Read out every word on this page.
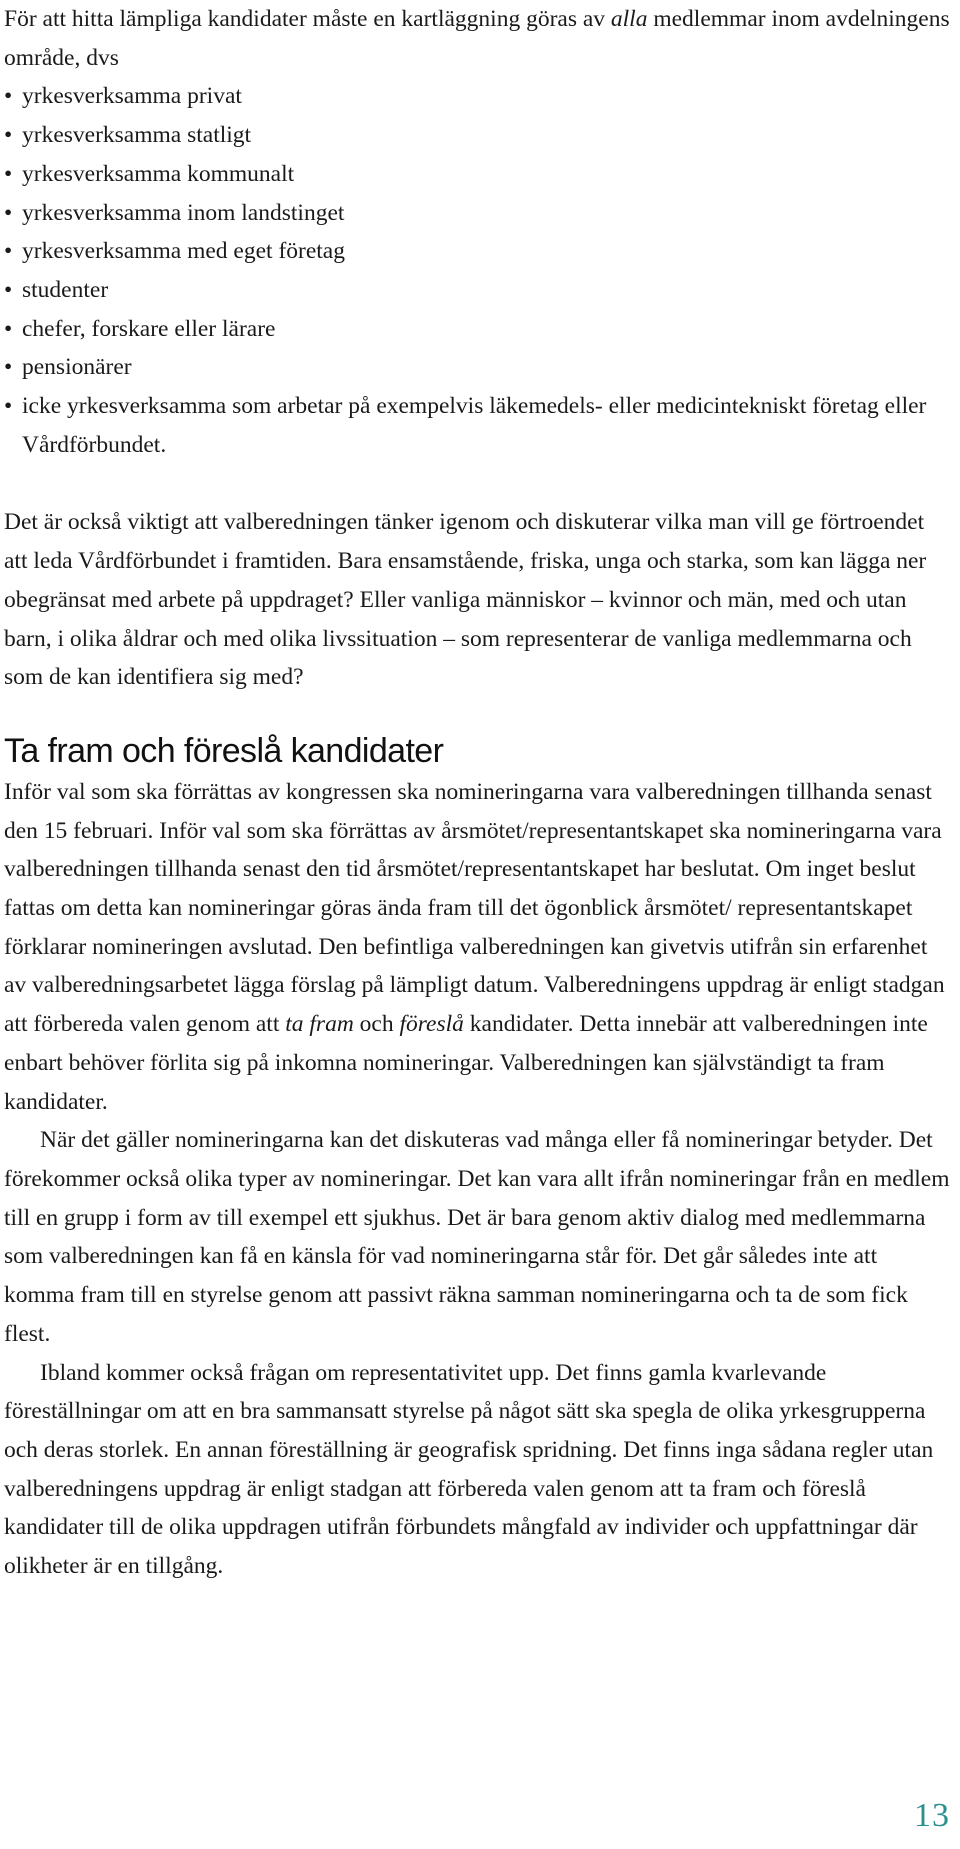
För att hitta lämpliga kandidater måste en kartläggning göras av alla medlemmar inom avdelningens område, dvs

• yrkesverksamma privat
• yrkesverksamma statligt
• yrkesverksamma kommunalt
• yrkesverksamma inom landstinget
• yrkesverksamma med eget företag
• studenter
• chefer, forskare eller lärare
• pensionärer
• icke yrkesverksamma som arbetar på exempelvis läkemedels- eller medicintekniskt företag eller Vårdförbundet.

Det är också viktigt att valberedningen tänker igenom och diskuterar vilka man vill ge förtroendet att leda Vårdförbundet i framtiden. Bara ensamstående, friska, unga och starka, som kan lägga ner obegränsat med arbete på uppdraget? Eller vanliga människor – kvinnor och män, med och utan barn, i olika åldrar och med olika livssituation – som representerar de vanliga medlemmarna och som de kan identifiera sig med?

Ta fram och föreslå kandidater

Inför val som ska förrättas av kongressen ska nomineringarna vara valberedningen tillhanda senast den 15 februari. Inför val som ska förrättas av årsmötet/representantskapet ska nomineringarna vara valberedningen tillhanda senast den tid årsmötet/representantskapet har beslutat. Om inget beslut fattas om detta kan nomineringar göras ända fram till det ögonblick årsmötet/ representantskapet förklarar nomineringen avslutad. Den befintliga valberedningen kan givetvis utifrån sin erfarenhet av valberedningsarbetet lägga förslag på lämpligt datum. Valberedningens uppdrag är enligt stadgan att förbereda valen genom att ta fram och föreslå kandidater. Detta innebär att valberedningen inte enbart behöver förlita sig på inkomna nomineringar. Valberedningen kan självständigt ta fram kandidater.

När det gäller nomineringarna kan det diskuteras vad många eller få nomineringar betyder. Det förekommer också olika typer av nomineringar. Det kan vara allt ifrån nomineringar från en medlem till en grupp i form av till exempel ett sjukhus. Det är bara genom aktiv dialog med medlemmarna som valberedningen kan få en känsla för vad nomineringarna står för. Det går således inte att komma fram till en styrelse genom att passivt räkna samman nomineringarna och ta de som fick flest.

Ibland kommer också frågan om representativitet upp. Det finns gamla kvarlevande föreställningar om att en bra sammansatt styrelse på något sätt ska spegla de olika yrkesgrupperna och deras storlek. En annan föreställning är geografisk spridning. Det finns inga sådana regler utan valberedningens uppdrag är enligt stadgan att förbereda valen genom att ta fram och föreslå kandidater till de olika uppdragen utifrån förbundets mångfald av individer och uppfattningar där olikheter är en tillgång.

13
